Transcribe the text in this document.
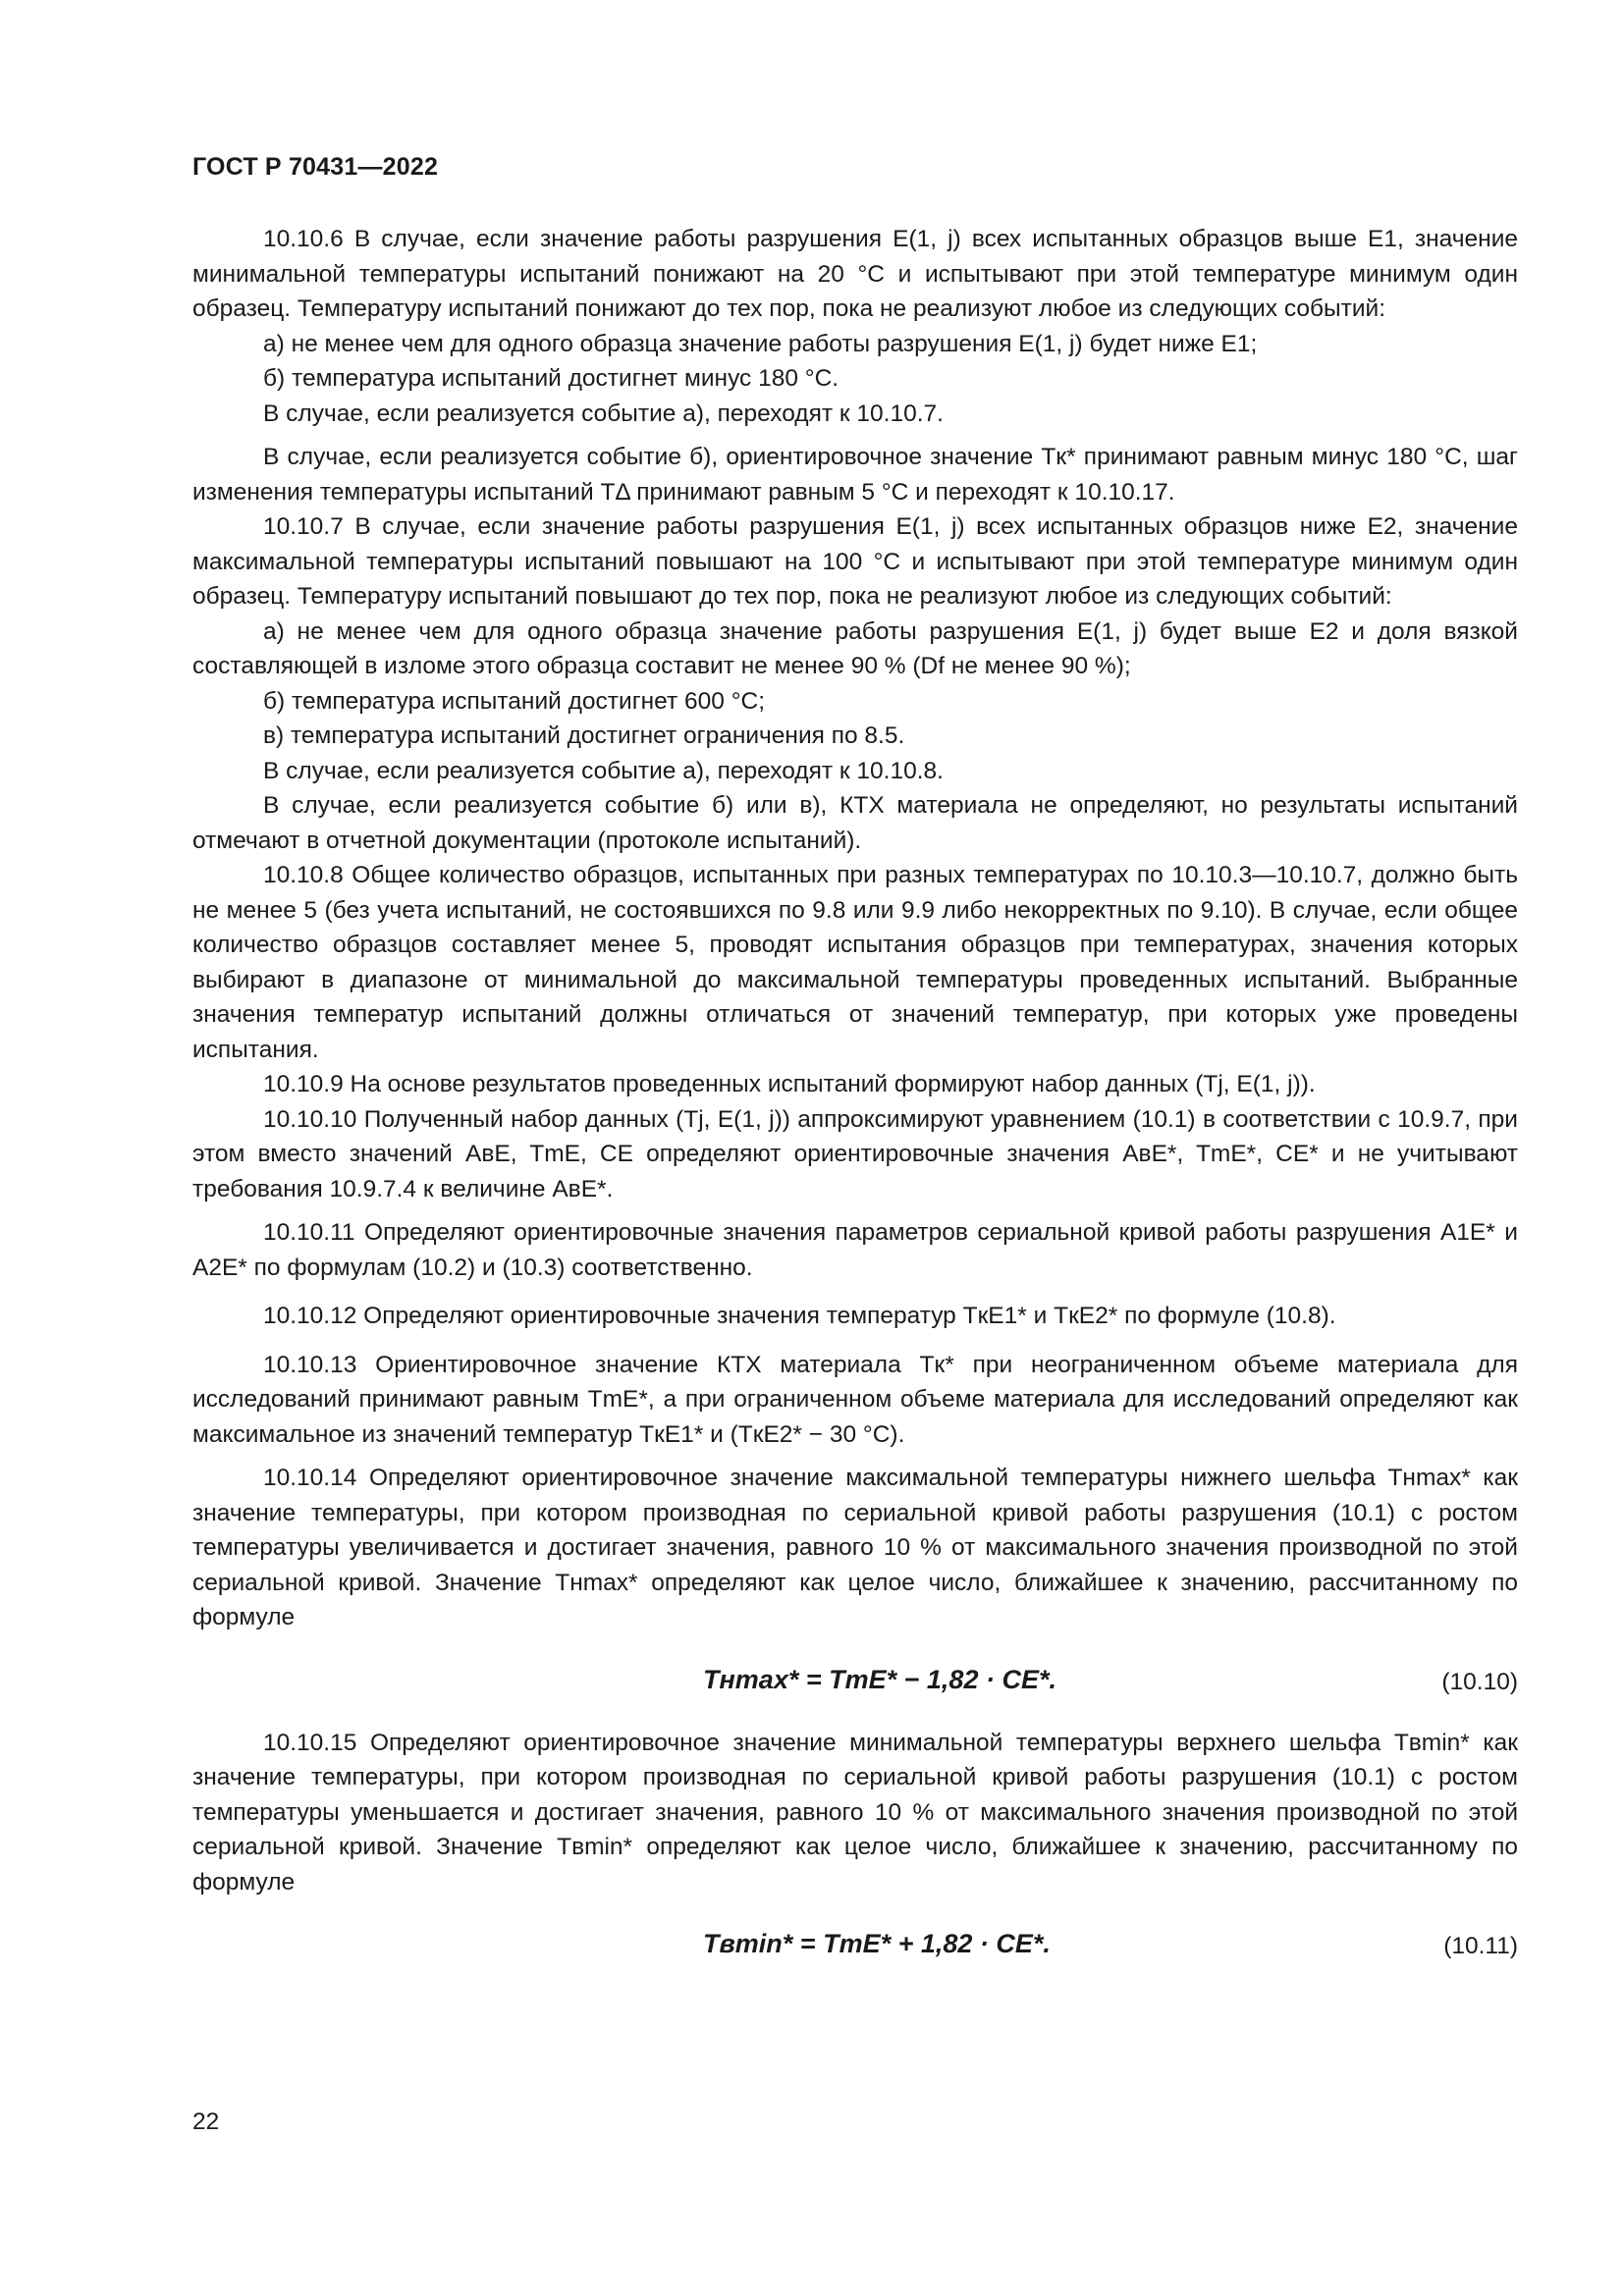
ГОСТ Р 70431—2022

10.10.6 В случае, если значение работы разрушения E(1, j) всех испытанных образцов выше E1, значение минимальной температуры испытаний понижают на 20 °С и испытывают при этой температуре минимум один образец. Температуру испытаний понижают до тех пор, пока не реализуют любое из следующих событий:

а) не менее чем для одного образца значение работы разрушения E(1, j) будет ниже E1;

б) температура испытаний достигнет минус 180 °С.

В случае, если реализуется событие а), переходят к 10.10.7.

В случае, если реализуется событие б), ориентировочное значение Tк* принимают равным минус 180 °С, шаг изменения температуры испытаний TΔ принимают равным 5 °С и переходят к 10.10.17.

10.10.7 В случае, если значение работы разрушения E(1, j) всех испытанных образцов ниже E2, значение максимальной температуры испытаний повышают на 100 °С и испытывают при этой температуре минимум один образец. Температуру испытаний повышают до тех пор, пока не реализуют любое из следующих событий:

а) не менее чем для одного образца значение работы разрушения E(1, j) будет выше E2 и доля вязкой составляющей в изломе этого образца составит не менее 90 % (Df не менее 90 %);

б) температура испытаний достигнет 600 °С;

в) температура испытаний достигнет ограничения по 8.5.

В случае, если реализуется событие а), переходят к 10.10.8.

В случае, если реализуется событие б) или в), КТХ материала не определяют, но результаты испытаний отмечают в отчетной документации (протоколе испытаний).

10.10.8 Общее количество образцов, испытанных при разных температурах по 10.10.3—10.10.7, должно быть не менее 5 (без учета испытаний, не состоявшихся по 9.8 или 9.9 либо некорректных по 9.10). В случае, если общее количество образцов составляет менее 5, проводят испытания образцов при температурах, значения которых выбирают в диапазоне от минимальной до максимальной температуры проведенных испытаний. Выбранные значения температур испытаний должны отличаться от значений температур, при которых уже проведены испытания.

10.10.9 На основе результатов проведенных испытаний формируют набор данных (Tj, E(1, j)).

10.10.10 Полученный набор данных (Tj, E(1, j)) аппроксимируют уравнением (10.1) в соответствии с 10.9.7, при этом вместо значений AвE, TmE, CE определяют ориентировочные значения AвE*, TmE*, CE* и не учитывают требования 10.9.7.4 к величине AвE*.

10.10.11 Определяют ориентировочные значения параметров сериальной кривой работы разрушения A1E* и A2E* по формулам (10.2) и (10.3) соответственно.

10.10.12 Определяют ориентировочные значения температур TкE1* и TкE2* по формуле (10.8).

10.10.13 Ориентировочное значение КТХ материала Tк* при неограниченном объеме материала для исследований принимают равным TmE*, а при ограниченном объеме материала для исследований определяют как максимальное из значений температур TкE1* и (TкE2* − 30 °С).

10.10.14 Определяют ориентировочное значение максимальной температуры нижнего шельфа Tнmax* как значение температуры, при котором производная по сериальной кривой работы разрушения (10.1) с ростом температуры увеличивается и достигает значения, равного 10 % от максимального значения производной по этой сериальной кривой. Значение Tнmax* определяют как целое число, ближайшее к значению, рассчитанному по формуле

Tнmax* = TmE* − 1,82 · CE*.	(10.10)

10.10.15 Определяют ориентировочное значение минимальной температуры верхнего шельфа Tвmin* как значение температуры, при котором производная по сериальной кривой работы разрушения (10.1) с ростом температуры уменьшается и достигает значения, равного 10 % от максимального значения производной по этой сериальной кривой. Значение Tвmin* определяют как целое число, ближайшее к значению, рассчитанному по формуле

Tвmin* = TmE* + 1,82 · CE*.	(10.11)
22
